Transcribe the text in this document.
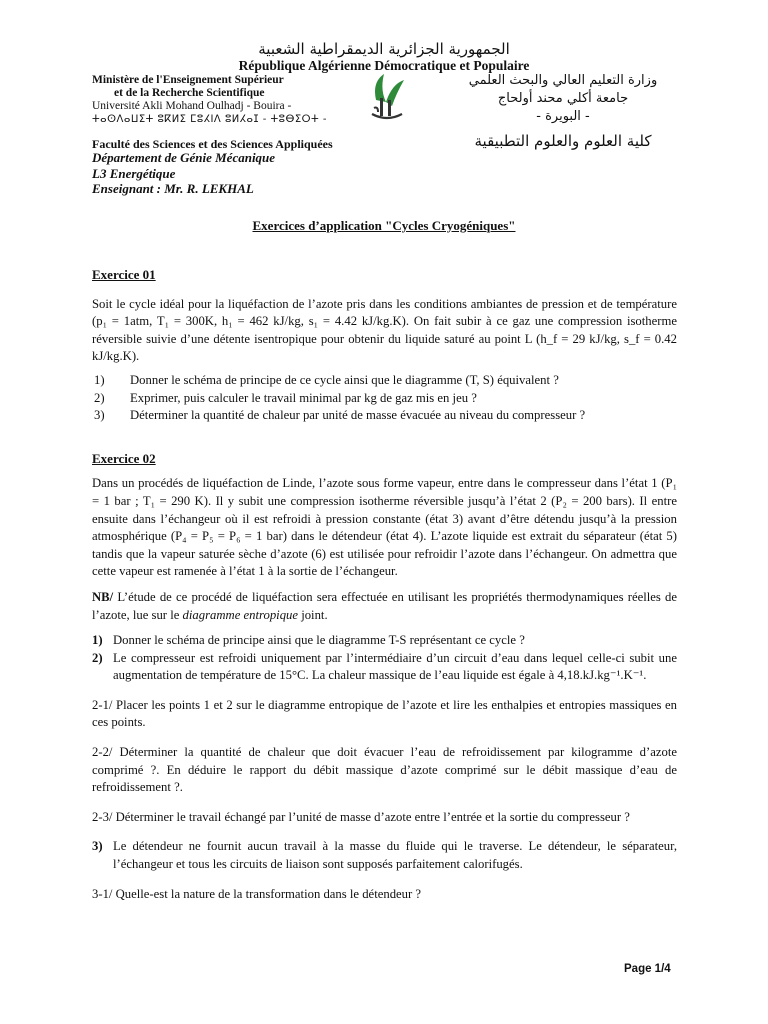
الجمهورية الجزائرية الديمقراطية الشعبية
République Algérienne Démocratique et Populaire
Ministère de l'Enseignement Supérieur
et de la Recherche Scientifique
Université Akli Mohand Oulhadj - Bouira -
ⵜⴰⵙⴷⴰⵡⵉⵜ ⵓⴽⵍⵉ ⵎⵓⵃⵏⴷ ⵓⵍⵃⴰⵊ - ⵜⵓⴱⵉⵔⵜ -
Faculté des Sciences et des Sciences Appliquées
وزارة التعليم العالي والبحث العلمي
جامعة أكلي محند أولحاج
- البويرة -
كلية العلوم والعلوم التطبيقية
Département de Génie Mécanique
L3 Energétique
Enseignant : Mr. R. LEKHAL
Exercices d’application "Cycles Cryogéniques"
Exercice 01

Soit le cycle idéal pour la liquéfaction de l’azote pris dans les conditions ambiantes de pression et de température (p₁ = 1atm, T₁ = 300K, h₁ = 462 kJ/kg, s₁ = 4.42 kJ/kg.K). On fait subir à ce gaz une compression isotherme réversible suivie d’une détente isentropique pour obtenir du liquide saturé au point L (h_f = 29 kJ/kg, s_f = 0.42 kJ/kg.K).

1)	Donner le schéma de principe de ce cycle ainsi que le diagramme (T, S) équivalent ?
2)	Exprimer, puis calculer le travail minimal par kg de gaz mis en jeu ?
3)	Déterminer la quantité de chaleur par unité de masse évacuée au niveau du compresseur ?
Exercice 02

Dans un procédés de liquéfaction de Linde, l’azote sous forme vapeur, entre dans le compresseur dans l’état 1 (P₁ = 1 bar ; T₁ = 290 K). Il y subit une compression isotherme réversible jusqu’à l’état 2 (P₂ = 200 bars). Il entre ensuite dans l’échangeur où il est refroidi à pression constante (état 3) avant d’être détendu jusqu’à la pression atmosphérique (P₄ = P₅ = P₆ = 1 bar) dans le détendeur (état 4). L’azote liquide est extrait du séparateur (état 5) tandis que la vapeur saturée sèche d’azote (6) est utilisée pour refroidir l’azote dans l’échangeur. On admettra que cette vapeur est ramenée à l’état 1 à la sortie de l’échangeur.

NB/ L’étude de ce procédé de liquéfaction sera effectuée en utilisant les propriétés thermodynamiques réelles de l’azote, lue sur le diagramme entropique joint.

1) Donner le schéma de principe ainsi que le diagramme T-S représentant ce cycle ?
2) Le compresseur est refroidi uniquement par l’intermédiaire d’un circuit d’eau dans lequel celle-ci subit une augmentation de température de 15°C. La chaleur massique de l’eau liquide est égale à 4,18.kJ.kg⁻¹.K⁻¹.

2-1/ Placer les points 1 et 2 sur le diagramme entropique de l’azote et lire les enthalpies et entropies massiques en ces points.

2-2/ Déterminer la quantité de chaleur que doit évacuer l’eau de refroidissement par kilogramme d’azote comprimé ?. En déduire le rapport du débit massique d’azote comprimé sur le débit massique d’eau de refroidissement ?.

2-3/ Déterminer le travail échangé par l’unité de masse d’azote entre l’entrée et la sortie du compresseur ?

3) Le détendeur ne fournit aucun travail à la masse du fluide qui le traverse. Le détendeur, le séparateur, l’échangeur et tous les circuits de liaison sont supposés parfaitement calorifugés.

3-1/ Quelle-est la nature de la transformation dans le détendeur ?

Page 1/4
